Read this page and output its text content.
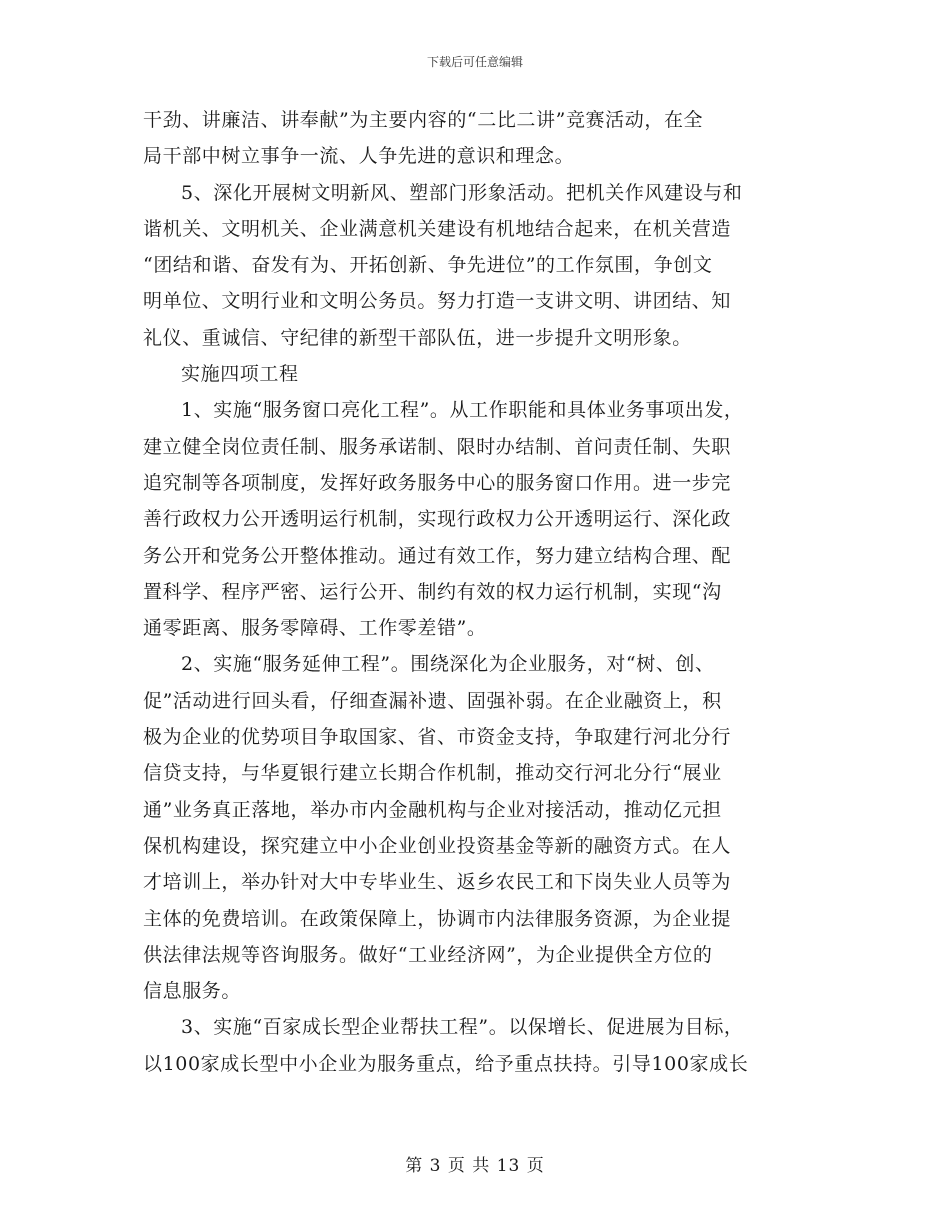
下载后可任意编辑
干劲、讲廉洁、讲奉献”为主要内容的“二比二讲”竞赛活动，在全
局干部中树立事争一流、人争先进的意识和理念。
5、深化开展树文明新风、塑部门形象活动。把机关作风建设与和
谐机关、文明机关、企业满意机关建设有机地结合起来，在机关营造
“团结和谐、奋发有为、开拓创新、争先进位”的工作氛围，争创文
明单位、文明行业和文明公务员。努力打造一支讲文明、讲团结、知
礼仪、重诚信、守纪律的新型干部队伍，进一步提升文明形象。
实施四项工程
1、实施“服务窗口亮化工程”。从工作职能和具体业务事项出发，
建立健全岗位责任制、服务承诺制、限时办结制、首问责任制、失职
追究制等各项制度，发挥好政务服务中心的服务窗口作用。进一步完
善行政权力公开透明运行机制，实现行政权力公开透明运行、深化政
务公开和党务公开整体推动。通过有效工作，努力建立结构合理、配
置科学、程序严密、运行公开、制约有效的权力运行机制，实现“沟
通零距离、服务零障碍、工作零差错”。
2、实施“服务延伸工程”。围绕深化为企业服务，对“树、创、
促”活动进行回头看，仔细查漏补遗、固强补弱。在企业融资上，积
极为企业的优势项目争取国家、省、市资金支持，争取建行河北分行
信贷支持，与华夏银行建立长期合作机制，推动交行河北分行“展业
通”业务真正落地，举办市内金融机构与企业对接活动，推动亿元担
保机构建设，探究建立中小企业创业投资基金等新的融资方式。在人
才培训上，举办针对大中专毕业生、返乡农民工和下岗失业人员等为
主体的免费培训。在政策保障上，协调市内法律服务资源，为企业提
供法律法规等咨询服务。做好“工业经济网”，为企业提供全方位的
信息服务。
3、实施“百家成长型企业帮扶工程”。以保增长、促进展为目标，
以100家成长型中小企业为服务重点，给予重点扶持。引导100家成长
第 3 页 共 13 页
